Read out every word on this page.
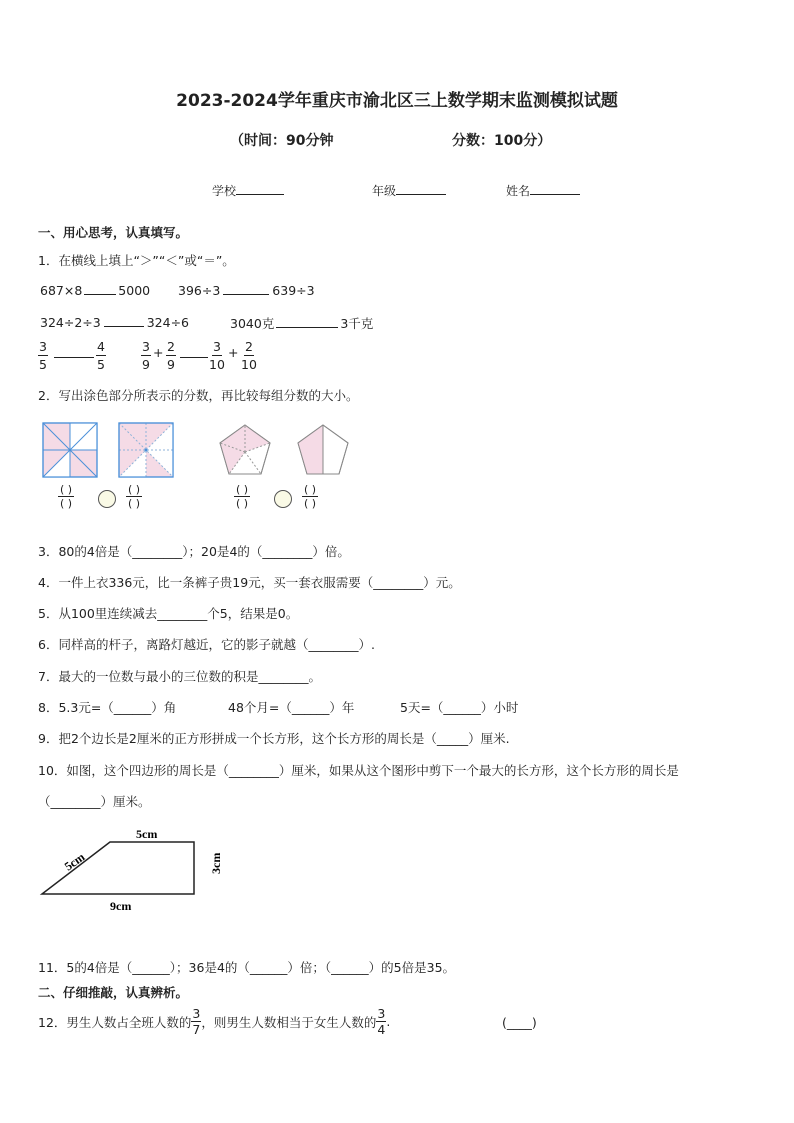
2023-2024学年重庆市渝北区三上数学期末监测模拟试题
（时间：90分钟	分数：100分）
学校	年级	姓名
一、用心思考，认真填写。
1．在横线上填上“＞”“＜”或“＝”。
687×8	5000 396÷3	639÷3
324÷2÷3	324÷6	3040克	3千克
$\frac{3}{5}$	$\frac{4}{5}$	$\frac{3}{9} + \frac{2}{9}$	$\frac{3}{10} + \frac{2}{10}$
2．写出涂色部分所表示的分数，再比较每组分数的大小。
( )
( )
( )
( )
( )
( )
( )
( )
3．80的4倍是（________）；20是4的（________）倍。
4．一件上衣336元，比一条裤子贵19元，买一套衣服需要（________）元。
5．从100里连续减去________个5，结果是0。
6．同样高的杆子，离路灯越近，它的影子就越（________）.
7．最大的一位数与最小的三位数的积是________。
8．5.3元=（______）角	48个月=（______）年	5天=（______）小时
9．把2个边长是2厘米的正方形拼成一个长方形，这个长方形的周长是（_____）厘米.
10．如图，这个四边形的周长是（________）厘米，如果从这个图形中剪下一个最大的长方形，这个长方形的周长是
（________）厘米。
5cm
5cm	3cm
9cm
11．5的4倍是（______）；36是4的（______）倍；（______）的5倍是35。
二、仔细推敲，认真辨析。
12．男生人数占全班人数的 $\frac{3}{7}$ ，则男生人数相当于女生人数的 $\frac{3}{4}$ .	(____)
